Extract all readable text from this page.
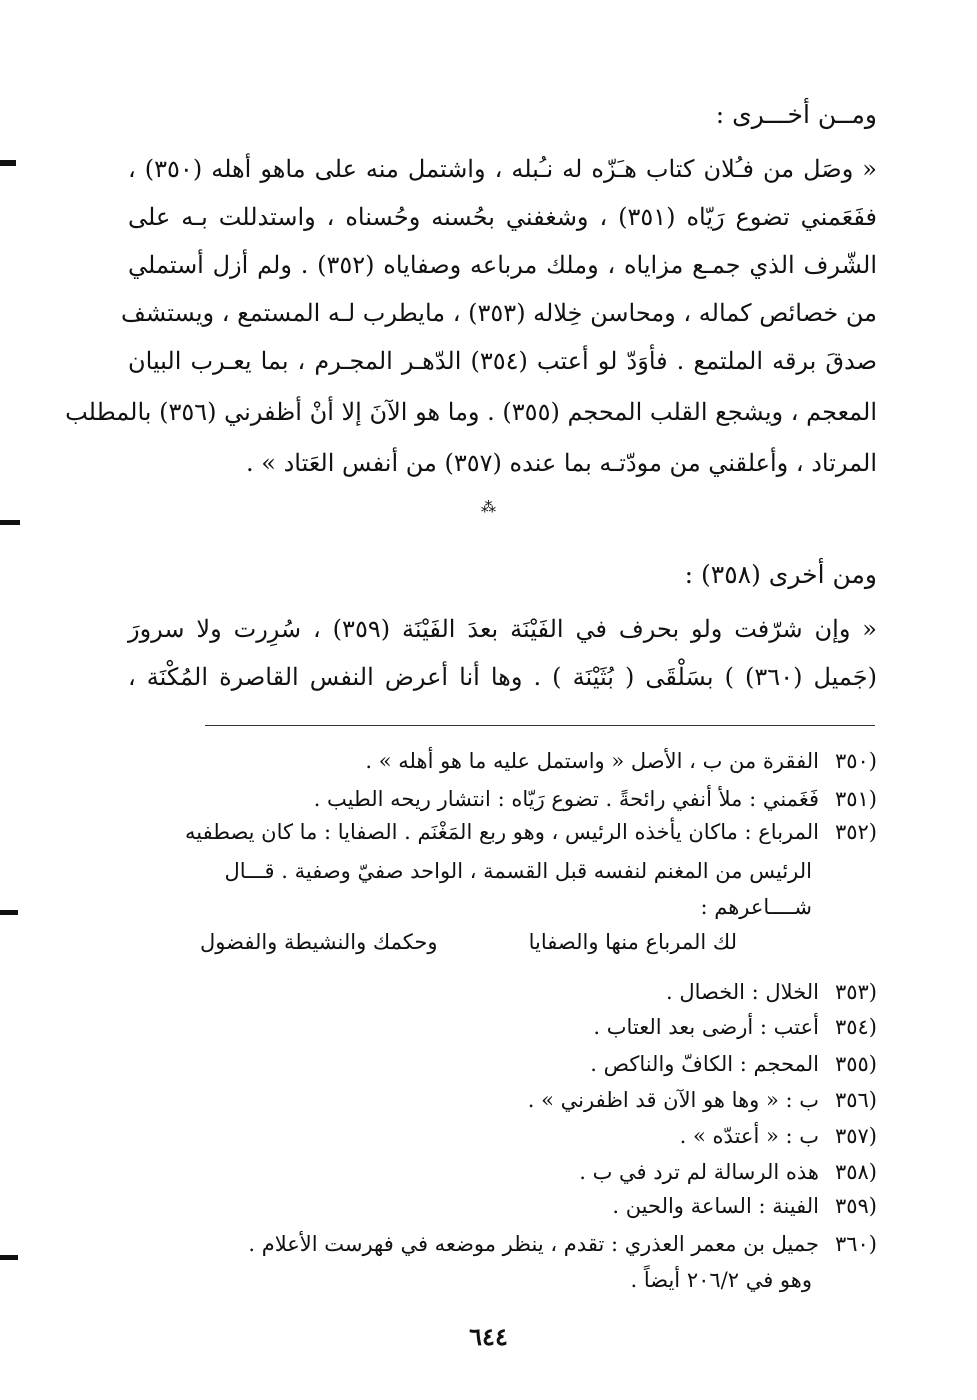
ومــن أخـــرى :
« وصَل من فـُلان كتاب هـَزّه له نـُبله ، واشتمل منه على ماهو أهله (٣٥٠) ،
ففَعَمني تضوع رَيّاه (٣٥١) ، وشغفني بحُسنه وحُسناه ، واستدللت بـه على
الشّرف الذي جمـع مزاياه ، وملك مرباعه وصفاياه (٣٥٢) . ولم أزل أستملي
من خصائص كماله ، ومحاسن خِلاله (٣٥٣) ، مايطرب لـه المستمع ، ويستشف
صدقَ برقه الملتمع . فأوَدّ لو أعتب (٣٥٤) الدّهـر المجـرم ، بما يعـرب البيان
المعجم ، ويشجع القلب المحجم (٣٥٥) . وما هو الآنَ إلا أنْ أظفرني (٣٥٦) بالمطلب
المرتاد ، وأعلقني من مودّتـه بما عنده (٣٥٧) من أنفس العَتاد » .
⁂
ومن أخرى (٣٥٨) :
« وإن شرّفت ولو بحرف في الفَيْنَة بعدَ الفَيْنَة (٣٥٩) ، سُرِرت ولا سرورَ
(جَميل (٣٦٠) ) بسَلْقَى ( بُثَيْنَة ) . وها أنا أعرض النفس القاصرة المُكْنَة ،
(٣٥٠الفقرة من ب ، الأصل « واستمل عليه ما هو أهله » .
(٣٥١فَغَمني : ملأ أنفي رائحةً . تضوع رَيّاه : انتشار ريحه الطيب .
(٣٥٢المرباع : ماكان يأخذه الرئيس ، وهو ربع المَغْنَم . الصفايا : ما كان يصطفيه
الرئيس من المغنم لنفسه قبل القسمة ، الواحد صفيّ وصفية . قـــال
شــــاعرهم :
لك المرباع منها والصفايا
وحكمك والنشيطة والفضول
(٣٥٣الخلال : الخصال .
(٣٥٤أعتب : أرضى بعد العتاب .
(٣٥٥المحجم : الكافّ والناكص .
(٣٥٦ب : « وها هو الآن قد اظفرني » .
(٣٥٧ب : « أعتدّه » .
(٣٥٨هذه الرسالة لم ترد في ب .
(٣٥٩الفينة : الساعة والحين .
(٣٦٠جميل بن معمر العذري : تقدم ، ينظر موضعه في فهرست الأعلام .
وهو في ٢٠٦/٢ أيضاً .
٦٤٤
